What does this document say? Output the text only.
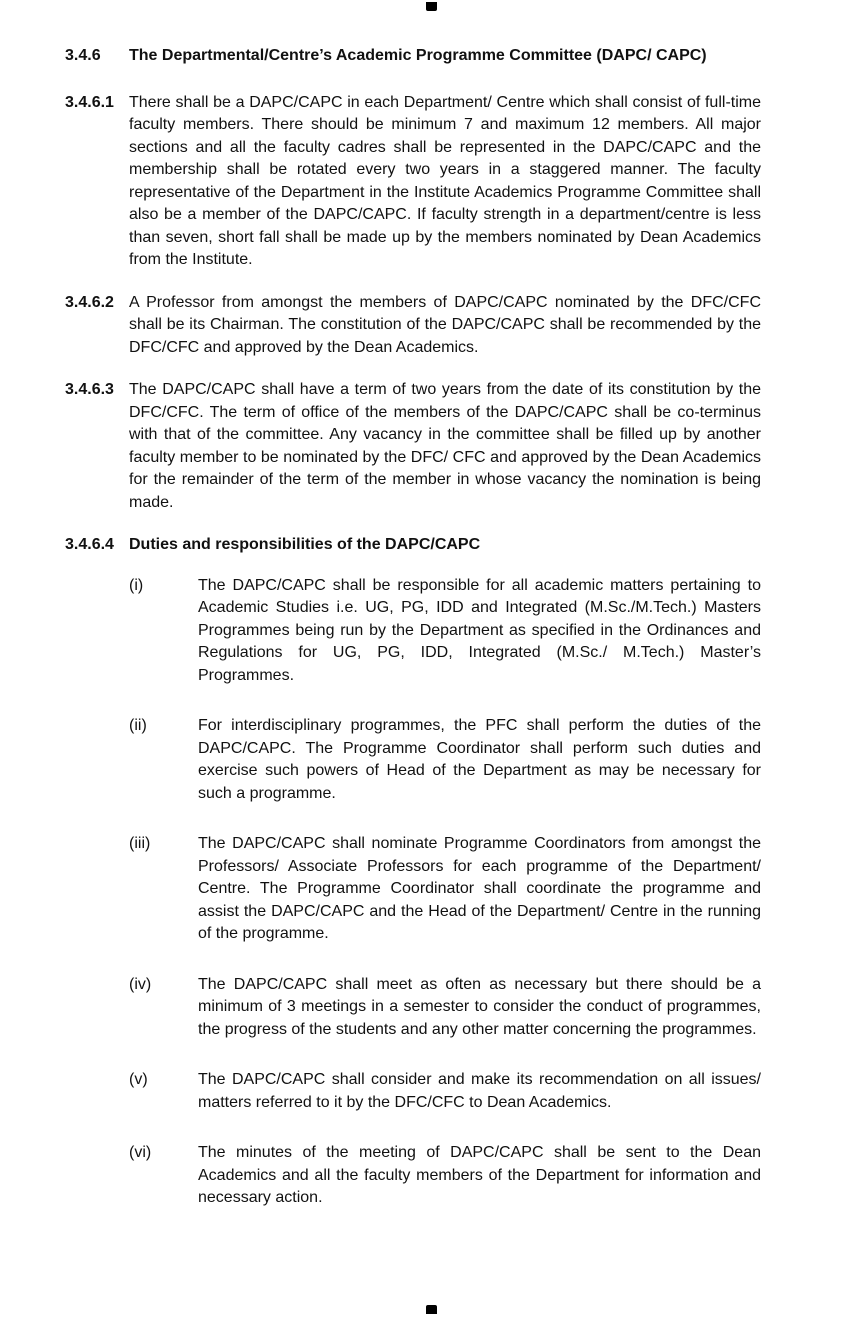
3.4.6	The Departmental/Centre’s Academic Programme Committee (DAPC/ CAPC)
3.4.6.1 There shall be a DAPC/CAPC in each Department/ Centre which shall consist of full-time faculty members. There should be minimum 7 and maximum 12 members. All major sections and all the faculty cadres shall be represented in the DAPC/CAPC and the membership shall be rotated every two years in a staggered manner. The faculty representative of the Department in the Institute Academics Programme Committee shall also be a member of the DAPC/CAPC. If faculty strength in a department/centre is less than seven, short fall shall be made up by the members nominated by Dean Academics from the Institute.

3.4.6.2 A Professor from amongst the members of DAPC/CAPC nominated by the DFC/CFC shall be its Chairman. The constitution of the DAPC/CAPC shall be recommended by the DFC/CFC and approved by the Dean Academics.

3.4.6.3 The DAPC/CAPC shall have a term of two years from the date of its constitution by the DFC/CFC. The term of office of the members of the DAPC/CAPC shall be co-terminus with that of the committee. Any vacancy in the committee shall be filled up by another faculty member to be nominated by the DFC/ CFC and approved by the Dean Academics for the remainder of the term of the member in whose vacancy the nomination is being made.

3.4.6.4 Duties and responsibilities of the DAPC/CAPC

(i)	The DAPC/CAPC shall be responsible for all academic matters pertaining to Academic Studies i.e. UG, PG, IDD and Integrated (M.Sc./M.Tech.) Masters Programmes being run by the Department as specified in the Ordinances and Regulations for UG, PG, IDD, Integrated (M.Sc./ M.Tech.) Master’s Programmes.

(ii)	For interdisciplinary programmes, the PFC shall perform the duties of the DAPC/CAPC. The Programme Coordinator shall perform such duties and exercise such powers of Head of the Department as may be necessary for such a programme.

(iii)	The DAPC/CAPC shall nominate Programme Coordinators from amongst the Professors/ Associate Professors for each programme of the Department/ Centre. The Programme Coordinator shall coordinate the programme and assist the DAPC/CAPC and the Head of the Department/ Centre in the running of the programme.

(iv)	The DAPC/CAPC shall meet as often as necessary but there should be a minimum of 3 meetings in a semester to consider the conduct of programmes, the progress of the students and any other matter concerning the programmes.

(v)	The DAPC/CAPC shall consider and make its recommendation on all issues/ matters referred to it by the DFC/CFC to Dean Academics.

(vi)	The minutes of the meeting of DAPC/CAPC shall be sent to the Dean Academics and all the faculty members of the Department for information and necessary action.
